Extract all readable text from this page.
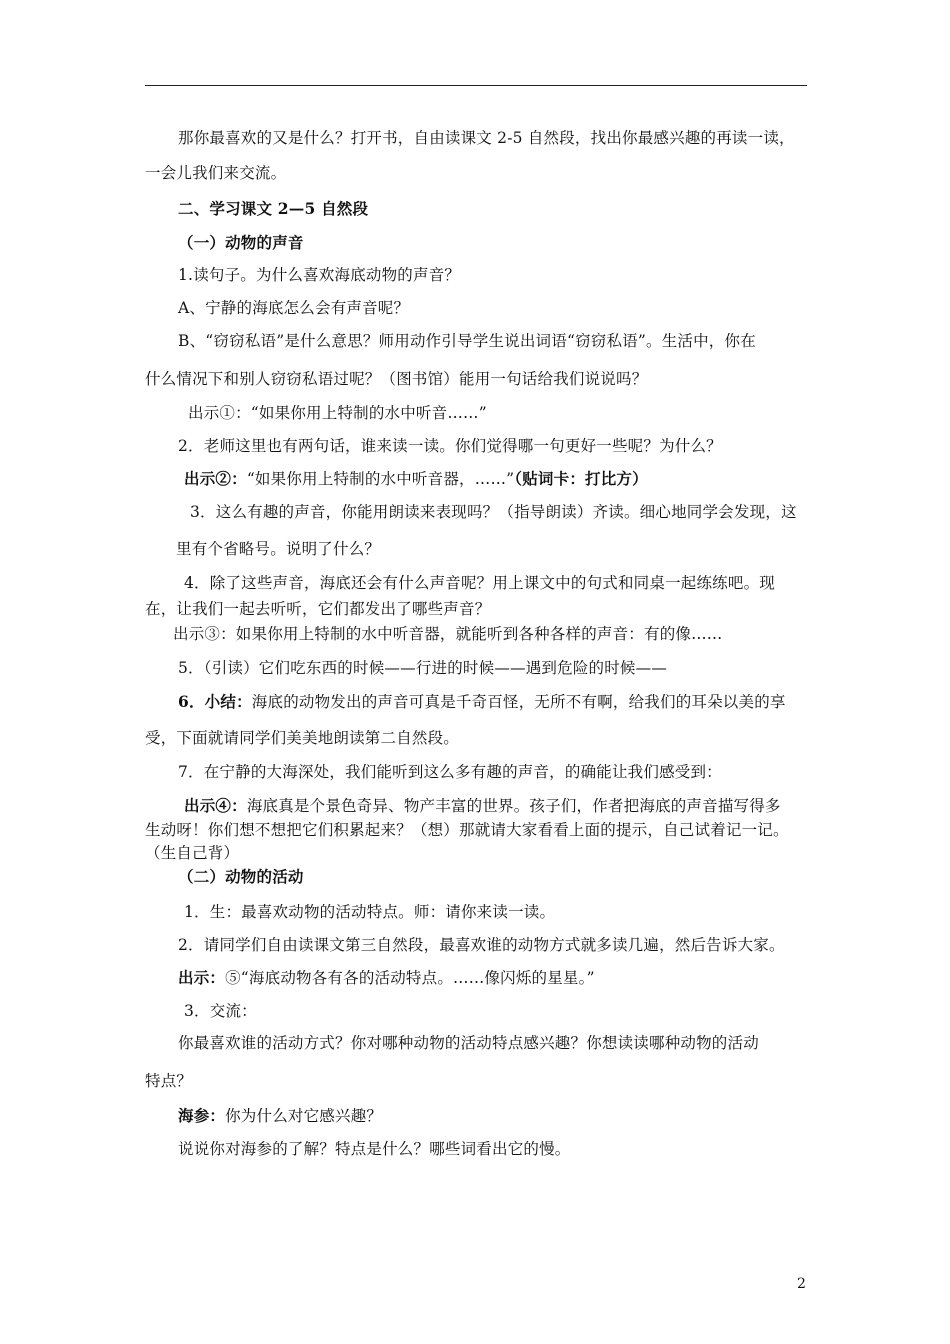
那你最喜欢的又是什么？打开书，自由读课文 2-5 自然段，找出你最感兴趣的再读一读，
一会儿我们来交流。
二、学习课文 2—5 自然段
（一）动物的声音
1.读句子。为什么喜欢海底动物的声音？
A、宁静的海底怎么会有声音呢？
B、“窃窃私语”是什么意思？师用动作引导学生说出词语“窃窃私语”。生活中，你在
什么情况下和别人窃窃私语过呢？（图书馆）能用一句话给我们说说吗？
出示①：“如果你用上特制的水中听音……”
2．老师这里也有两句话，谁来读一读。你们觉得哪一句更好一些呢？为什么？
出示②：“如果你用上特制的水中听音器，……”（贴词卡：打比方）
3．这么有趣的声音，你能用朗读来表现吗？（指导朗读）齐读。细心地同学会发现，这
里有个省略号。说明了什么？
4．除了这些声音，海底还会有什么声音呢？用上课文中的句式和同桌一起练练吧。现
在，让我们一起去听听，它们都发出了哪些声音？
出示③：如果你用上特制的水中听音器，就能听到各种各样的声音：有的像……
5．（引读）它们吃东西的时候——行进的时候——遇到危险的时候——
6．小结：海底的动物发出的声音可真是千奇百怪，无所不有啊，给我们的耳朵以美的享
受，下面就请同学们美美地朗读第二自然段。
7．在宁静的大海深处，我们能听到这么多有趣的声音，的确能让我们感受到：
出示④：海底真是个景色奇异、物产丰富的世界。孩子们，作者把海底的声音描写得多
生动呀！你们想不想把它们积累起来？（想）那就请大家看看上面的提示，自己试着记一记。
（生自己背）
（二）动物的活动
1．生：最喜欢动物的活动特点。师：请你来读一读。
2．请同学们自由读课文第三自然段，最喜欢谁的动物方式就多读几遍，然后告诉大家。
出示：⑤“海底动物各有各的活动特点。……像闪烁的星星。”
3．交流：
你最喜欢谁的活动方式？你对哪种动物的活动特点感兴趣？你想读读哪种动物的活动
特点？
海参：你为什么对它感兴趣？
说说你对海参的了解？特点是什么？哪些词看出它的慢。
2
